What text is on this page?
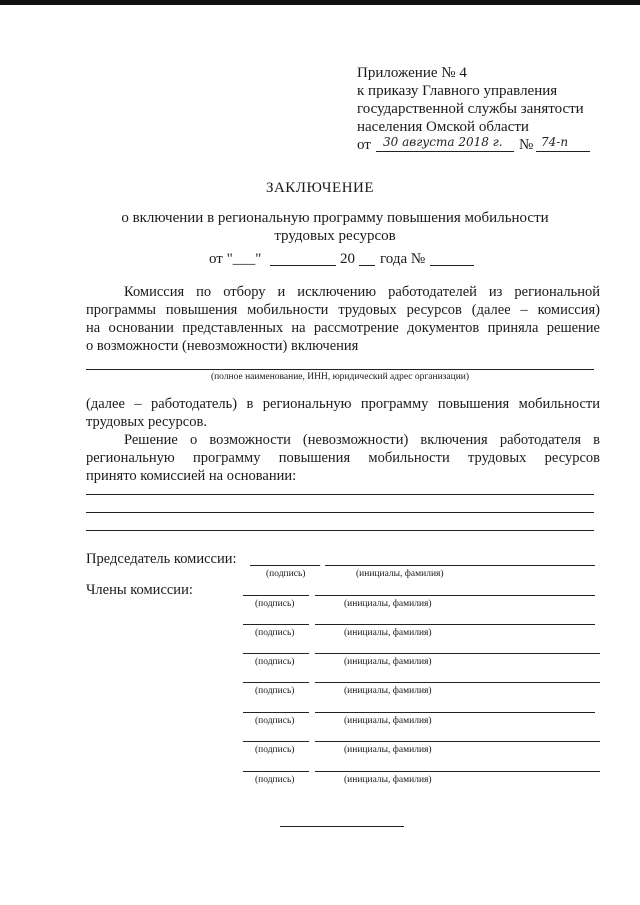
Приложение № 4
к приказу Главного управления
государственной службы занятости
населения Омской области
от 30 августа 2018 г. № 74-п
ЗАКЛЮЧЕНИЕ
о включении в региональную программу повышения мобильности
трудовых ресурсов
от "___"	20 года №
Комиссия по отбору и исключению работодателей из региональной
программы повышения мобильности трудовых ресурсов (далее – комиссия)
на основании представленных на рассмотрение документов приняла решение
о возможности (невозможности) включения
(полное наименование, ИНН, юридический адрес организации)
(далее – работодатель) в региональную программу повышения мобильности
трудовых ресурсов.
Решение о возможности (невозможности) включения работодателя в
региональную программу повышения мобильности трудовых ресурсов
принято комиссией на основании:
Председатель комиссии:
(подпись)	(инициалы, фамилия)
Члены комиссии:
(подпись)	(инициалы, фамилия)
(подпись)	(инициалы, фамилия)
(подпись)	(инициалы, фамилия)
(подпись)	(инициалы, фамилия)
(подпись)	(инициалы, фамилия)
(подпись)	(инициалы, фамилия)
(подпись)	(инициалы, фамилия)
